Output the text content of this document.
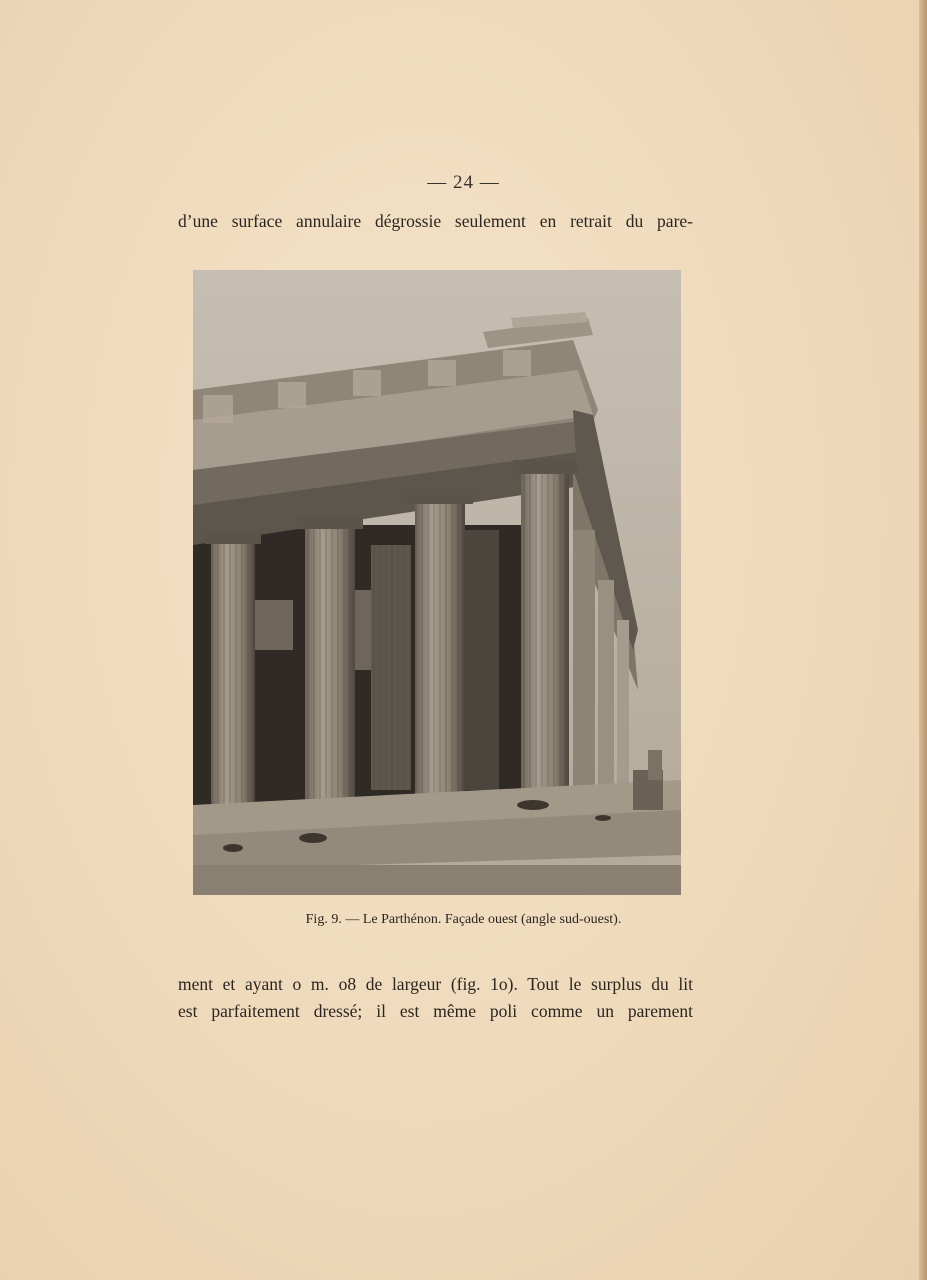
— 24 —
d’une surface annulaire dégrossie seulement en retrait du pare-
Fig. 9. — Le Parthénon. Façade ouest (angle sud-ouest).
ment et ayant o m. o8 de largeur (fig. 1o). Tout le surplus du lit
est parfaitement dressé; il est même poli comme un parement
